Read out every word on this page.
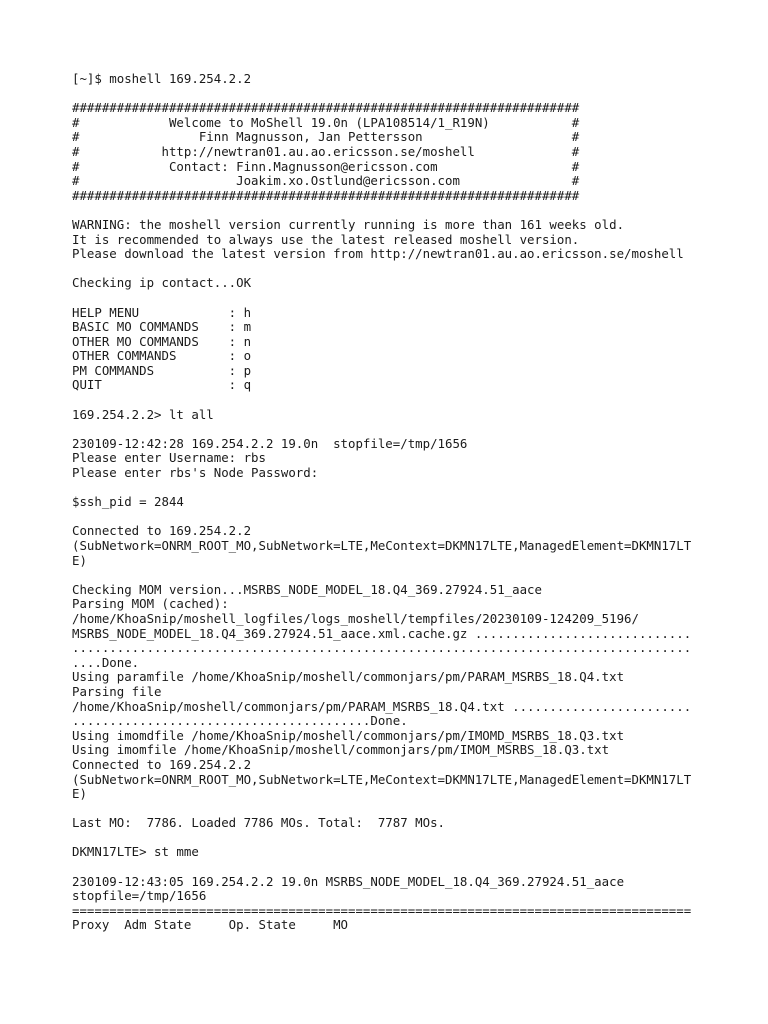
[~]$ moshell 169.254.2.2
####################################################################
#            Welcome to MoShell 19.0n (LPA108514/1_R19N)           #
#                Finn Magnusson, Jan Pettersson                    #
#           http://newtran01.au.ao.ericsson.se/moshell             #
#            Contact: Finn.Magnusson@ericsson.com                  #
#                     Joakim.xo.Ostlund@ericsson.com               #
####################################################################
WARNING: the moshell version currently running is more than 161 weeks old.
It is recommended to always use the latest released moshell version.
Please download the latest version from http://newtran01.au.ao.ericsson.se/moshell
Checking ip contact...OK
HELP MENU            : h
BASIC MO COMMANDS    : m
OTHER MO COMMANDS    : n
OTHER COMMANDS       : o
PM COMMANDS          : p
QUIT                 : q
169.254.2.2> lt all
230109-12:42:28 169.254.2.2 19.0n  stopfile=/tmp/1656
Please enter Username: rbs
Please enter rbs's Node Password:
$ssh_pid = 2844
Connected to 169.254.2.2
(SubNetwork=ONRM_ROOT_MO,SubNetwork=LTE,MeContext=DKMN17LTE,ManagedElement=DKMN17LT
E)
Checking MOM version...MSRBS_NODE_MODEL_18.Q4_369.27924.51_aace
Parsing MOM (cached):
/home/KhoaSnip/moshell_logfiles/logs_moshell/tempfiles/20230109-124209_5196/
MSRBS_NODE_MODEL_18.Q4_369.27924.51_aace.xml.cache.gz .............................
...................................................................................
....Done.
Using paramfile /home/KhoaSnip/moshell/commonjars/pm/PARAM_MSRBS_18.Q4.txt
Parsing file
/home/KhoaSnip/moshell/commonjars/pm/PARAM_MSRBS_18.Q4.txt ........................
........................................Done.
Using imomdfile /home/KhoaSnip/moshell/commonjars/pm/IMOMD_MSRBS_18.Q3.txt
Using imomfile /home/KhoaSnip/moshell/commonjars/pm/IMOM_MSRBS_18.Q3.txt
Connected to 169.254.2.2
(SubNetwork=ONRM_ROOT_MO,SubNetwork=LTE,MeContext=DKMN17LTE,ManagedElement=DKMN17LT
E)
Last MO:  7786. Loaded 7786 MOs. Total:  7787 MOs.
DKMN17LTE> st mme
230109-12:43:05 169.254.2.2 19.0n MSRBS_NODE_MODEL_18.Q4_369.27924.51_aace
stopfile=/tmp/1656
===================================================================================
Proxy  Adm State     Op. State     MO
